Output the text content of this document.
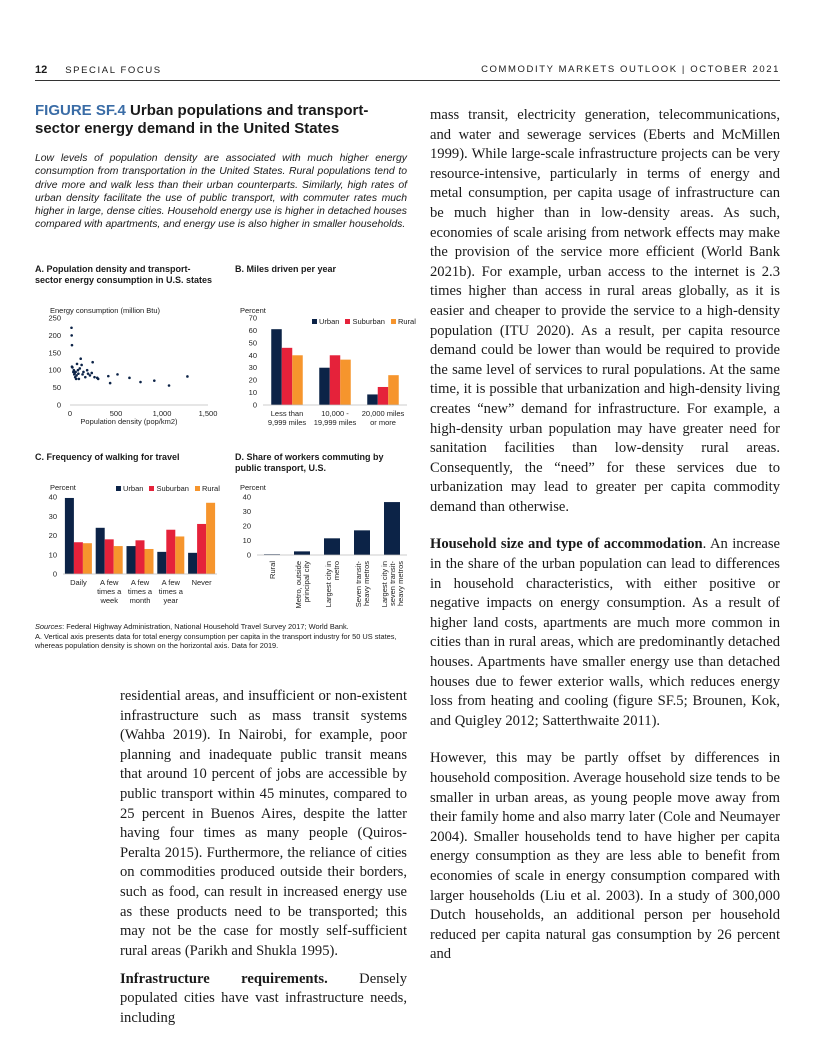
12 SPECIAL FOCUS	COMMODITY MARKETS OUTLOOK | OCTOBER 2021
FIGURE SF.4 Urban populations and transport-sector energy demand in the United States
Low levels of population density are associated with much higher energy consumption from transportation in the United States. Rural populations tend to drive more and walk less than their urban counterparts. Similarly, high rates of urban density facilitate the use of public transport, with commuter rates much higher in large, dense cities. Household energy use is higher in detached houses compared with apartments, and energy use is also higher in smaller households.
A. Population density and transport-sector energy consumption in U.S. states
B. Miles driven per year
C. Frequency of walking for travel	D. Share of workers commuting by public transport, U.S.
Energy consumption (million Btu)	Percent
Percent	Percent
Urban	Suburban	Rural
Urban	Suburban	Rural
0
50
100
150
200
250
0	500	1,000	1,500
Population density (pop/km2)
0
10
20
30
40
50
60
70
Less than 9,999 miles
10,000 -19,999 miles
20,000 miles or more
0
10
20
30
40
Daily	A few times a week
A few times a month
A few times a year
Never
0
10
20
30
40
Rural Metro, outsideprincipal city Largest city inmetro Seven transit-heavy metros Largest city inseven transit-heavy metros
Sources: Federal Highway Administration, National Household Travel Survey 2017; World Bank.
A. Vertical axis presents data for total energy consumption per capita in the transport industry for 50 US states, whereas population density is shown on the horizontal axis. Data for 2019.

residential areas, and insufficient or non-existent infrastructure such as mass transit systems (Wahba 2019). In Nairobi, for example, poor planning and inadequate public transit means that around 10 percent of jobs are accessible by public transport within 45 minutes, compared to 25 percent in Buenos Aires, despite the latter having four times as many people (Quiros-Peralta 2015). Furthermore, the reliance of cities on commodities produced outside their borders, such as food, can result in increased energy use as these products need to be transported; this may not be the case for mostly self-sufficient rural areas (Parikh and Shukla 1995).

Infrastructure requirements. Densely populated cities have vast infrastructure needs, including

mass transit, electricity generation, telecommunications, and water and sewerage services (Eberts and McMillen 1999). While large-scale infrastructure projects can be very resource-intensive, particularly in terms of energy and metal consumption, per capita usage of infrastructure can be much higher than in low-density areas. As such, economies of scale arising from network effects may make the provision of the service more efficient (World Bank 2021b). For example, urban access to the internet is 2.3 times higher than access in rural areas globally, as it is easier and cheaper to provide the service to a high-density population (ITU 2020). As a result, per capita resource demand could be lower than would be required to provide the same level of services to rural populations. At the same time, it is possible that urbanization and high-density living creates “new” demand for infrastructure. For example, a high-density urban population may have greater need for sanitation facilities than low-density rural areas. Consequently, the “need” for these services due to urbanization may lead to greater per capita commodity demand than otherwise.

Household size and type of accommodation. An increase in the share of the urban population can lead to differences in household characteristics, with either positive or negative impacts on energy consumption. As a result of higher land costs, apartments are much more common in cities than in rural areas, which are predominantly detached houses. Apartments have smaller energy use than detached houses due to fewer exterior walls, which reduces energy loss from heating and cooling (figure SF.5; Brounen, Kok, and Quigley 2012; Satterthwaite 2011).

However, this may be partly offset by differences in household composition. Average household size tends to be smaller in urban areas, as young people move away from their family home and also marry later (Cole and Neumayer 2004). Smaller households tend to have higher per capita energy consumption as they are less able to benefit from economies of scale in energy consumption compared with larger households (Liu et al. 2003). In a study of 300,000 Dutch households, an additional person per household reduced per capita natural gas consumption by 26 percent and
